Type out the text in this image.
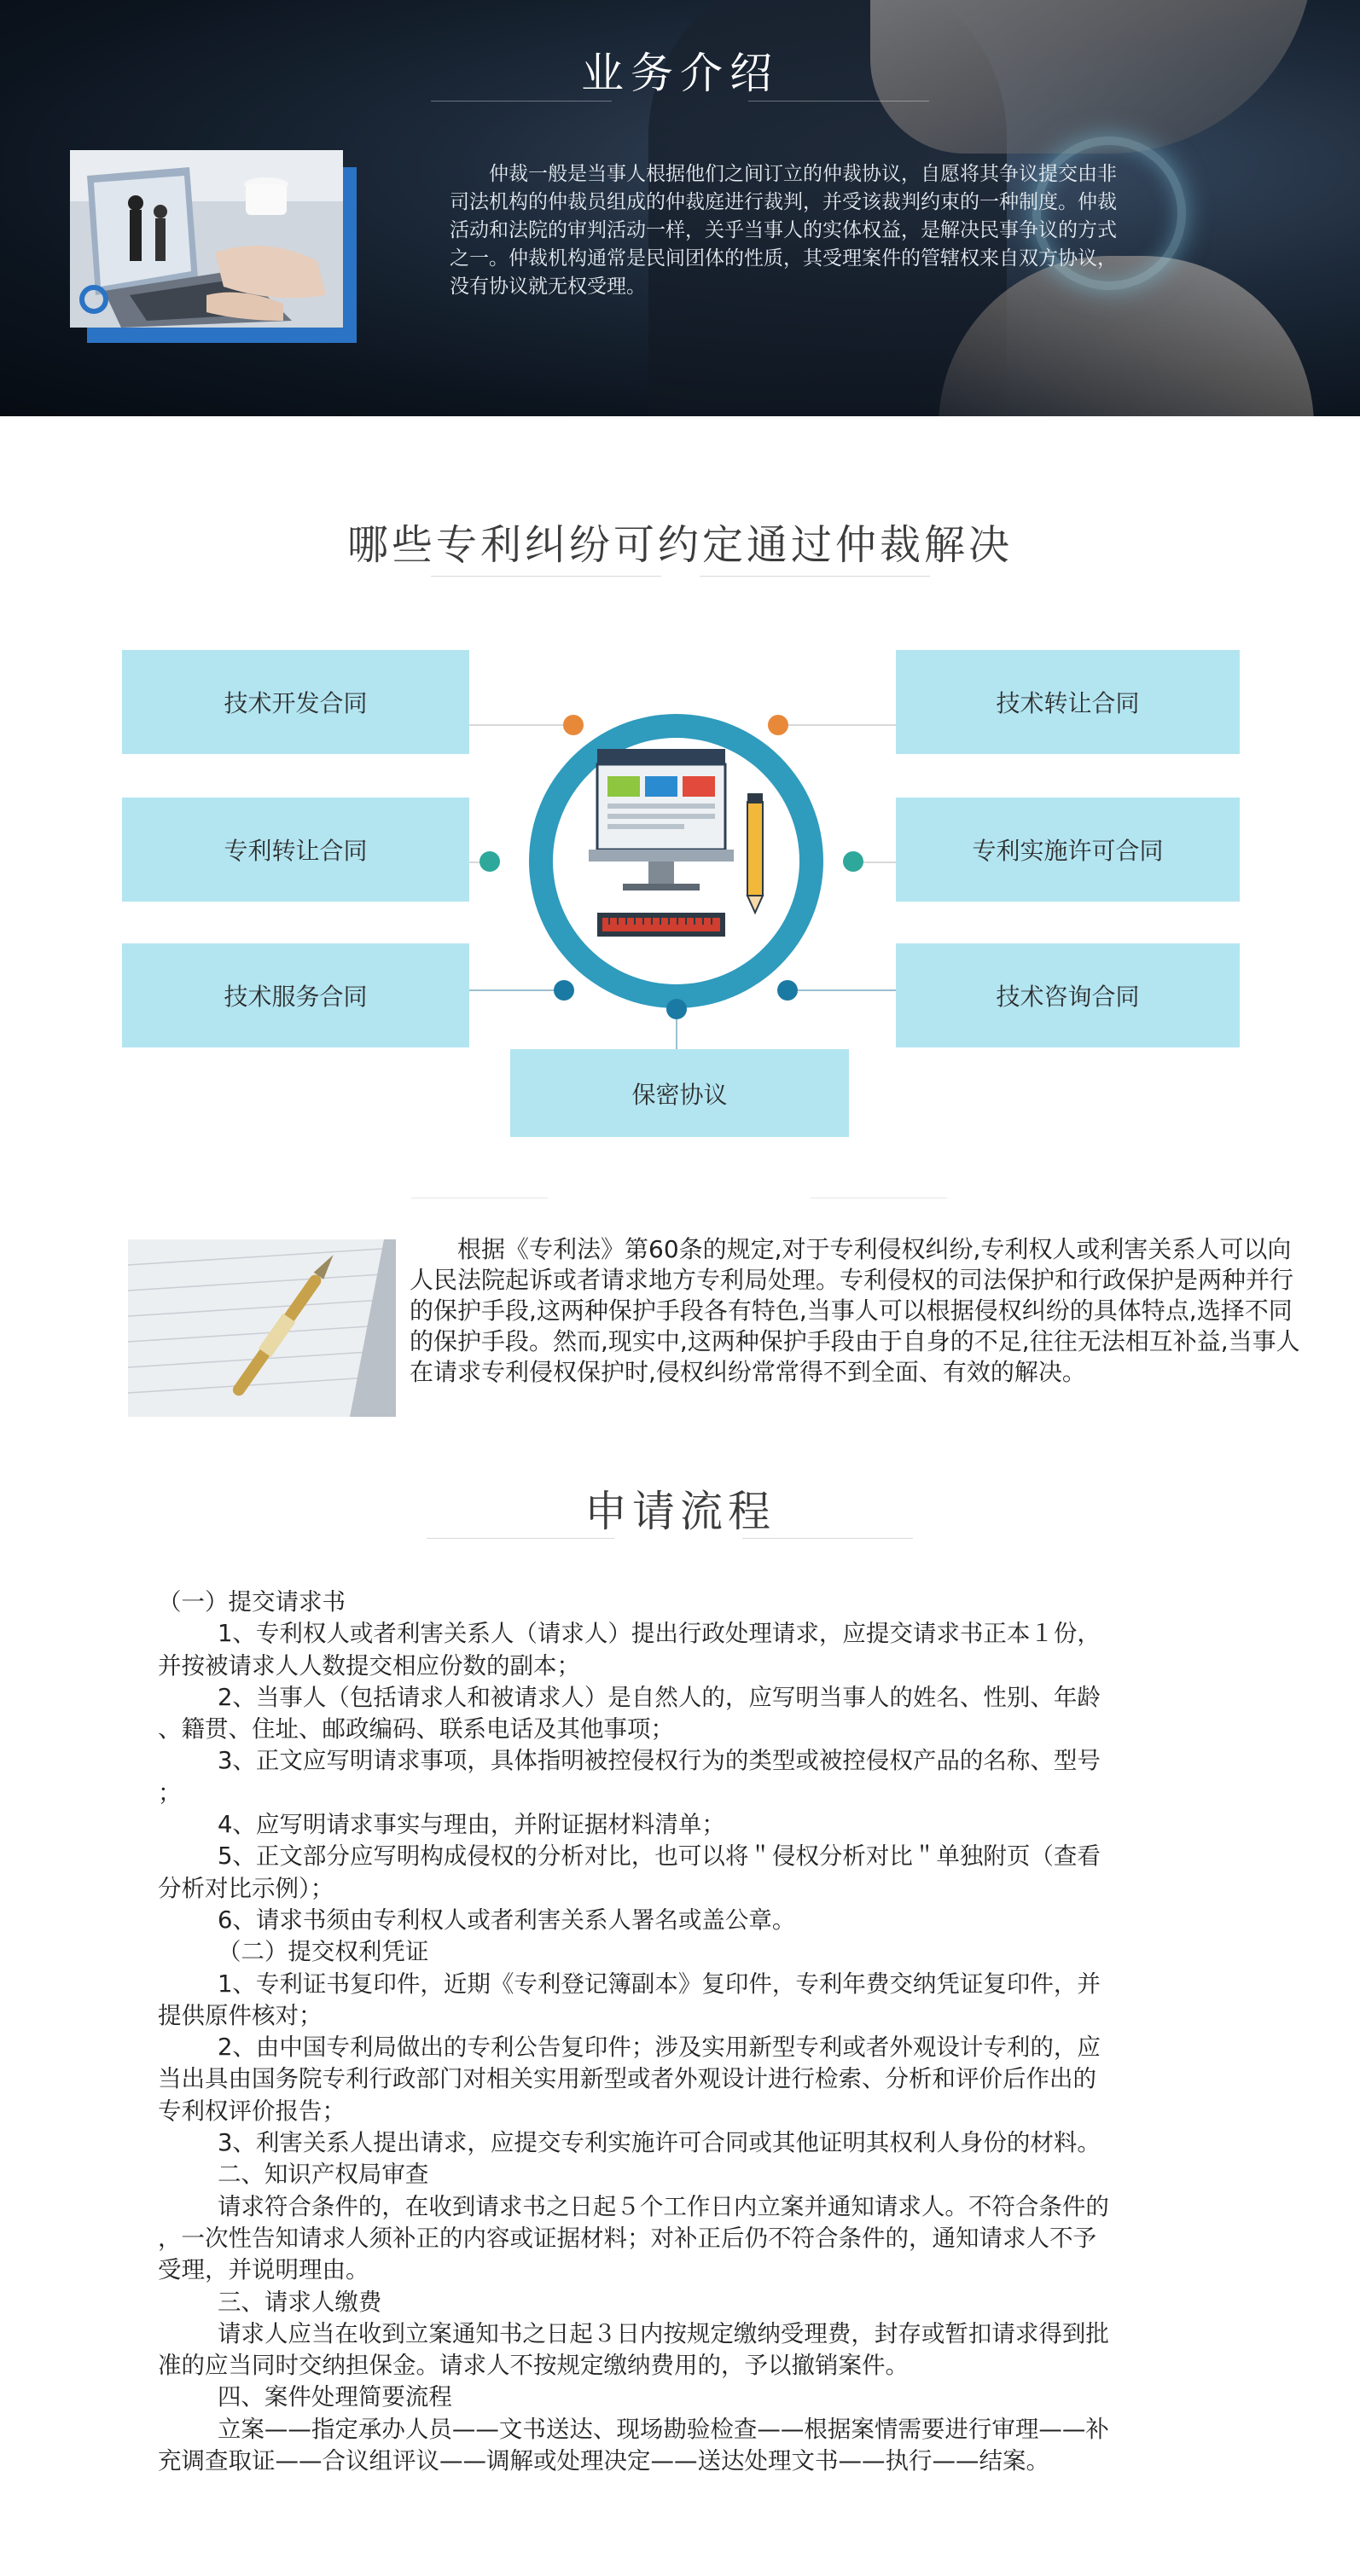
业务介绍
仲裁一般是当事人根据他们之间订立的仲裁协议，自愿将其争议提交由非司法机构的仲裁员组成的仲裁庭进行裁判，并受该裁判约束的一种制度。仲裁活动和法院的审判活动一样，关乎当事人的实体权益，是解决民事争议的方式之一。仲裁机构通常是民间团体的性质，其受理案件的管辖权来自双方协议，没有协议就无权受理。
哪些专利纠纷可约定通过仲裁解决
技术开发合同	技术转让合同
专利转让合同	专利实施许可合同
技术服务合同	技术咨询合同
保密协议
根据《专利法》第60条的规定,对于专利侵权纠纷,专利权人或利害关系人可以向人民法院起诉或者请求地方专利局处理。专利侵权的司法保护和行政保护是两种并行的保护手段,这两种保护手段各有特色,当事人可以根据侵权纠纷的具体特点,选择不同的保护手段。然而,现实中,这两种保护手段由于自身的不足,往往无法相互补益,当事人在请求专利侵权保护时,侵权纠纷常常得不到全面、有效的解决。
申请流程

（一）提交请求书

1、专利权人或者利害关系人（请求人）提出行政处理请求，应提交请求书正本１份，

并按被请求人人数提交相应份数的副本；

2、当事人（包括请求人和被请求人）是自然人的，应写明当事人的姓名、性别、年龄

、籍贯、住址、邮政编码、联系电话及其他事项；

3、正文应写明请求事项，具体指明被控侵权行为的类型或被控侵权产品的名称、型号

；

4、应写明请求事实与理由，并附证据材料清单；

5、正文部分应写明构成侵权的分析对比，也可以将＂侵权分析对比＂单独附页（查看

分析对比示例）；

6、请求书须由专利权人或者利害关系人署名或盖公章。

（二）提交权利凭证

1、专利证书复印件，近期《专利登记簿副本》复印件，专利年费交纳凭证复印件，并

提供原件核对；

2、由中国专利局做出的专利公告复印件；涉及实用新型专利或者外观设计专利的，应

当出具由国务院专利行政部门对相关实用新型或者外观设计进行检索、分析和评价后作出的

专利权评价报告；

3、利害关系人提出请求，应提交专利实施许可合同或其他证明其权利人身份的材料。

二、知识产权局审查

请求符合条件的，在收到请求书之日起５个工作日内立案并通知请求人。不符合条件的

，一次性告知请求人须补正的内容或证据材料；对补正后仍不符合条件的，通知请求人不予

受理，并说明理由。

三、请求人缴费

请求人应当在收到立案通知书之日起３日内按规定缴纳受理费，封存或暂扣请求得到批

准的应当同时交纳担保金。请求人不按规定缴纳费用的，予以撤销案件。

四、案件处理简要流程

立案——指定承办人员——文书送达、现场勘验检查——根据案情需要进行审理——补

充调查取证——合议组评议——调解或处理决定——送达处理文书——执行——结案。
